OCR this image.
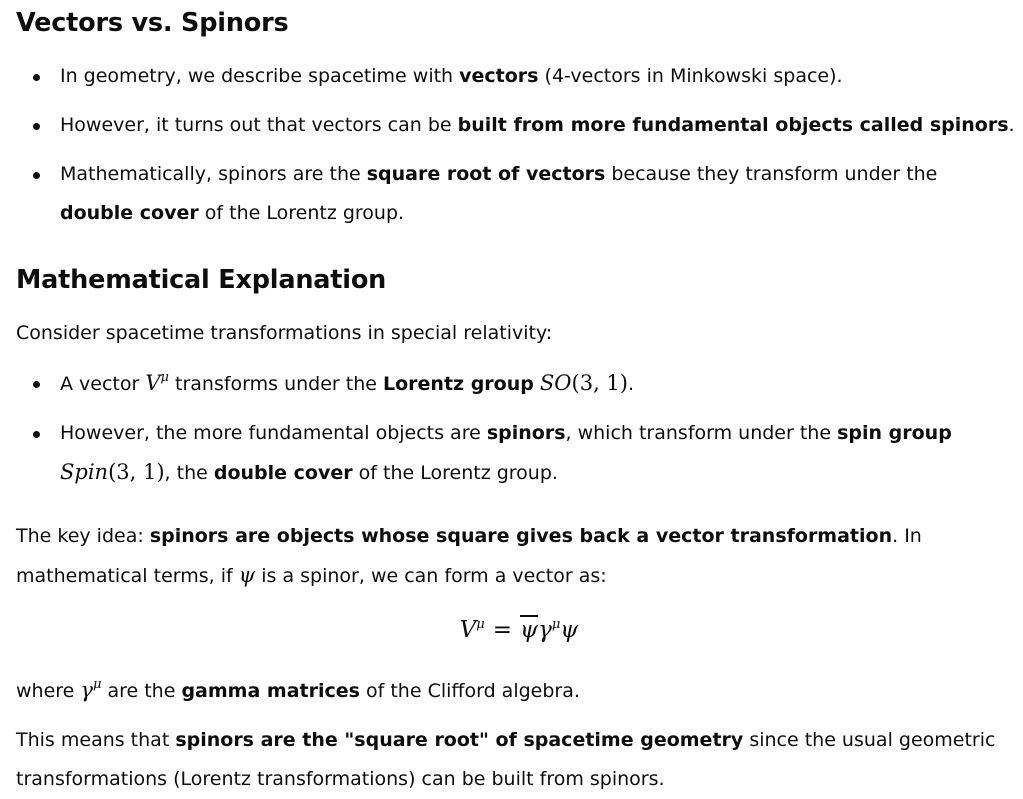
Vectors vs. Spinors
In geometry, we describe spacetime with vectors (4-vectors in Minkowski space).
However, it turns out that vectors can be built from more fundamental objects called spinors.
Mathematically, spinors are the square root of vectors because they transform under the double cover of the Lorentz group.
Mathematical Explanation

Consider spacetime transformations in special relativity:

A vector $V^\mu$ transforms under the Lorentz group SO(3, 1).
However, the more fundamental objects are spinors, which transform under the spin group Spin(3, 1), the double cover of the Lorentz group.

The key idea: spinors are objects whose square gives back a vector transformation. In mathematical terms, if ψ is a spinor, we can form a vector as:

$V^\mu = \overline{\psi}\gamma^\mu\psi$

where $\gamma^\mu$ are the gamma matrices of the Clifford algebra.

This means that spinors are the "square root" of spacetime geometry since the usual geometric transformations (Lorentz transformations) can be built from spinors.
